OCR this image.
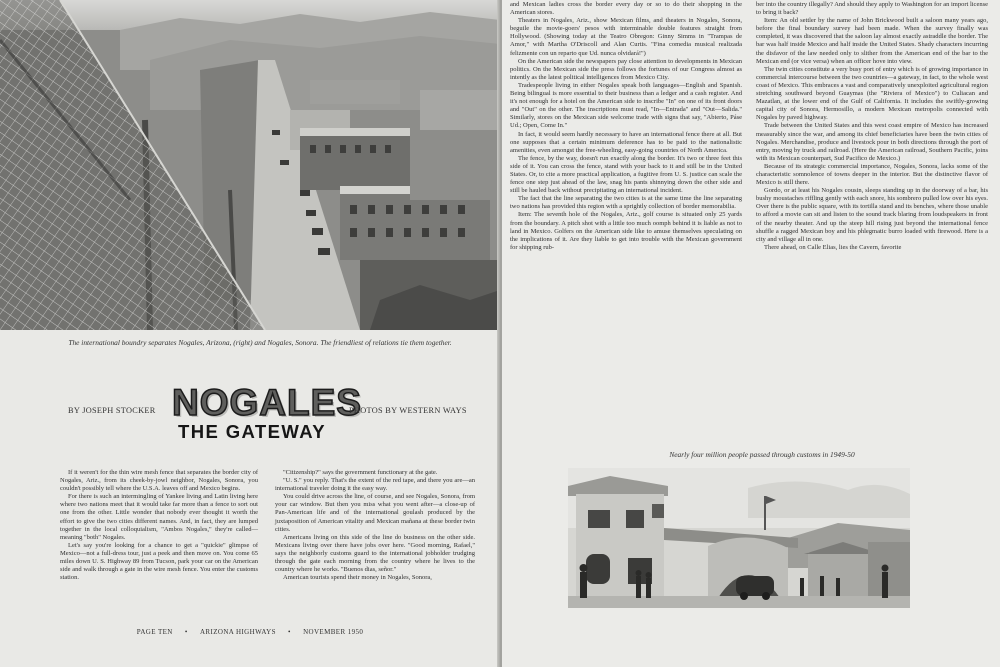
The international boundry separates Nogales, Arizona, (right) and Nogales, Sonora. The friendliest of relations tie them together.
BY JOSEPH STOCKER NOGALES
THE GATEWAY
PHOTOS BY WESTERN WAYS

If it weren't for the thin wire mesh fence that separates the border city of Nogales, Ariz., from its cheek-by-jowl neighbor, Nogales, Sonora, you couldn't possibly tell where the U.S.A. leaves off and Mexico begins.

For there is such an intermingling of Yankee living and Latin living here where two nations meet that it would take far more than a fence to sort out one from the other. Little wonder that nobody ever thought it worth the effort to give the two cities different names. And, in fact, they are lumped together in the local colloquialism, "Ambos Nogales," they're called—meaning "both" Nogales.

Let's say you're looking for a chance to get a "quickie" glimpse of Mexico—not a full-dress tour, just a peek and then move on. You come 65 miles down U. S. Highway 89 from Tucson, park your car on the American side and walk through a gate in the wire mesh fence. You enter the customs station.

"Citizenship?" says the government functionary at the gate.

"U. S." you reply. That's the extent of the red tape, and there you are—an international traveler doing it the easy way.

You could drive across the line, of course, and see Nogales, Sonora, from your car window. But then you miss what you went after—a close-up of Pan-American life and of the international goulash produced by the juxtaposition of American vitality and Mexican mañana at these border twin cities.

Americans living on this side of the line do business on the other side. Mexicans living over there have jobs over here. "Good morning, Rafael," says the neighborly customs guard to the international jobholder trudging through the gate each morning from the country where he lives to the country where he works. "Buenos dias, señor."

American tourists spend their money in Nogales, Sonora,

PAGE TEN • ARIZONA HIGHWAYS • NOVEMBER 1950

and Mexican ladies cross the border every day or so to do their shopping in the American stores.

Theaters in Nogales, Ariz., show Mexican films, and theaters in Nogales, Sonora, beguile the movie-goers' pesos with interminable double features straight from Hollywood. (Showing today at the Teatro Obregon: Ginny Simms in "Trampas de Amor," with Martha O'Driscoll and Alan Curtis. "Fina comedia musical realizada felizmente con un reparto que Ud. nunca olvidará!")

On the American side the newspapers pay close attention to developments in Mexican politics. On the Mexican side the press follows the fortunes of our Congress almost as intently as the latest political intelligences from Mexico City.

Tradespeople living in either Nogales speak both languages—English and Spanish. Being bilingual is more essential to their business than a ledger and a cash register. And it's not enough for a hotel on the American side to inscribe "In" on one of its front doors and "Out" on the other. The inscriptions must read, "In—Entrada" and "Out—Salida." Similarly, stores on the Mexican side welcome trade with signs that say, "Abierto, Páse Ud.; Open, Come In."

In fact, it would seem hardly necessary to have an international fence there at all. But one supposes that a certain minimum deference has to be paid to the nationalistic amenities, even amongst the free-wheeling, easy-going countries of North America.

The fence, by the way, doesn't run exactly along the border. It's two or three feet this side of it. You can cross the fence, stand with your back to it and still be in the United States. Or, to cite a more practical application, a fugitive from U. S. justice can scale the fence one step just ahead of the law, snag his pants shinnying down the other side and still be hauled back without precipitating an international incident.

The fact that the line separating the two cities is at the same time the line separating two nations has provided this region with a sprightly collection of border memorabilia.

Item: The seventh hole of the Nogales, Ariz., golf course is situated only 25 yards from the boundary. A pitch shot with a little too much oomph behind it is liable as not to land in Mexico. Golfers on the American side like to amuse themselves speculating on the implications of it. Are they liable to get into trouble with the Mexican government for shipping rub-

ber into the country illegally? And should they apply to Washington for an import license to bring it back?

Item: An old settler by the name of John Brickwood built a saloon many years ago, before the final boundary survey had been made. When the survey finally was completed, it was discovered that the saloon lay almost exactly astraddle the border. The bar was half inside Mexico and half inside the United States. Shady characters incurring the disfavor of the law needed only to slither from the American end of the bar to the Mexican end (or vice versa) when an officer hove into view.

The twin cities constitute a very busy port of entry which is of growing importance in commercial intercourse between the two countries—a gateway, in fact, to the whole west coast of Mexico. This embraces a vast and comparatively unexploited agricultural region stretching southward beyond Guaymas (the "Riviera of Mexico") to Culiacan and Mazatlan, at the lower end of the Gulf of California. It includes the swiftly-growing capital city of Sonora, Hermosillo, a modern Mexican metropolis connected with Nogales by paved highway.

Trade between the United States and this west coast empire of Mexico has increased measurably since the war, and among its chief beneficiaries have been the twin cities of Nogales. Merchandise, produce and livestock pour in both directions through the port of entry, moving by truck and railroad. (Here the American railroad, Southern Pacific, joins with its Mexican counterpart, Sud Pacifico de Mexico.)

Because of its strategic commercial importance, Nogales, Sonora, lacks some of the characteristic somnolence of towns deeper in the interior. But the distinctive flavor of Mexico is still there.

Gordo, or at least his Nogales cousin, sleeps standing up in the doorway of a bar, his bushy moustaches riffling gently with each snore, his sombrero pulled low over his eyes. Over there is the public square, with its tortilla stand and its benches, where those unable to afford a movie can sit and listen to the sound track blaring from loudspeakers in front of the nearby theater. And up the steep hill rising just beyond the international fence shuffle a ragged Mexican boy and his phlegmatic burro loaded with firewood. Here is a city and village all in one.

There ahead, on Calle Elias, lies the Cavern, favorite

Nearly four million people passed through customs in 1949-50
